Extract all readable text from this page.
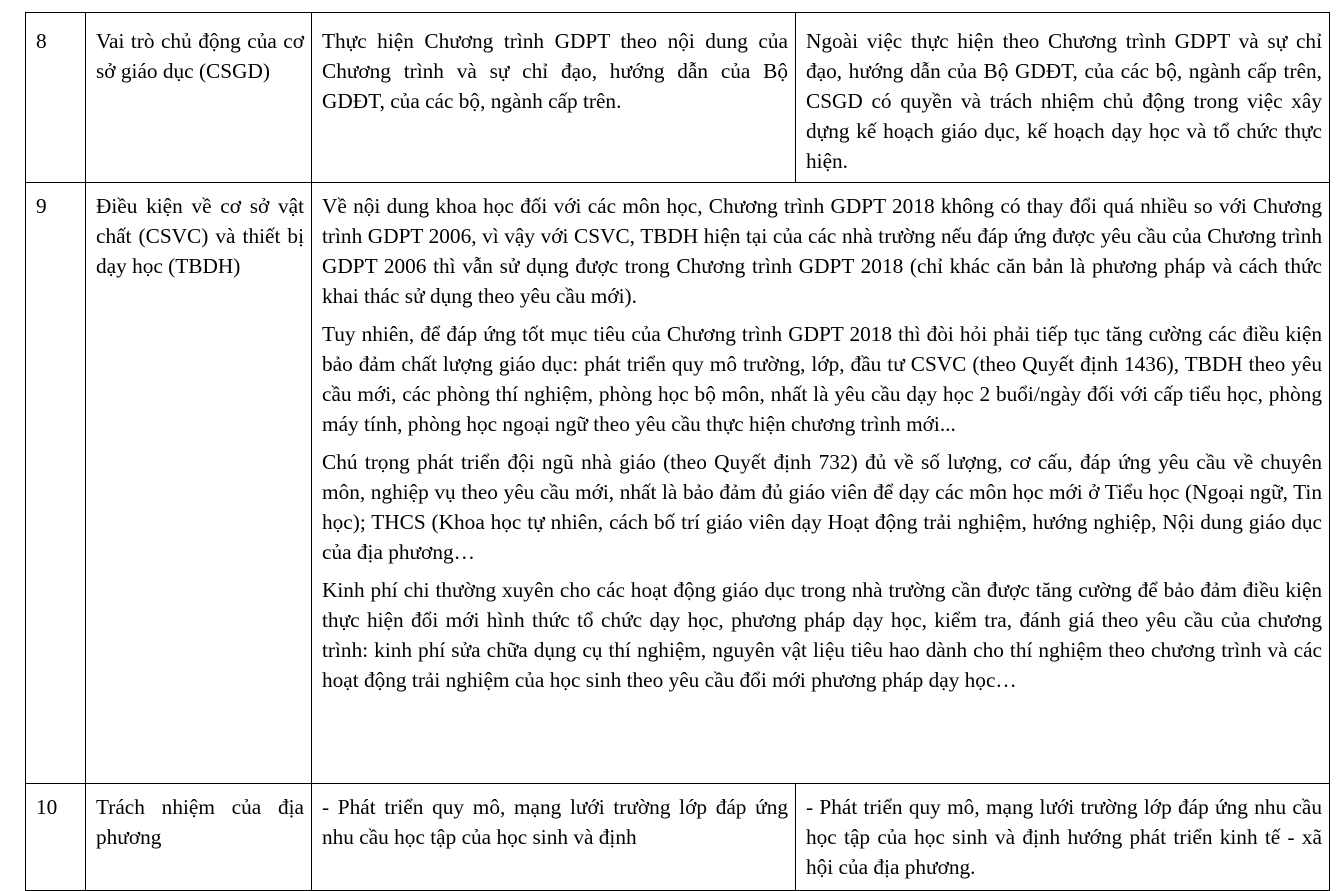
8	Vai trò chủ động của cơ sở giáo dục (CSGD)	Thực hiện Chương trình GDPT theo nội dung của Chương trình và sự chỉ đạo, hướng dẫn của Bộ GDĐT, của các bộ, ngành cấp trên.	Ngoài việc thực hiện theo Chương trình GDPT và sự chỉ đạo, hướng dẫn của Bộ GDĐT, của các bộ, ngành cấp trên, CSGD có quyền và trách nhiệm chủ động trong việc xây dựng kế hoạch giáo dục, kế hoạch dạy học và tổ chức thực hiện.
9	Điều kiện về cơ sở vật chất (CSVC) và thiết bị dạy học (TBDH)	Về nội dung khoa học đối với các môn học, Chương trình GDPT 2018 không có thay đổi quá nhiều so với Chương trình GDPT 2006, vì vậy với CSVC, TBDH hiện tại của các nhà trường nếu đáp ứng được yêu cầu của Chương trình GDPT 2006 thì vẫn sử dụng được trong Chương trình GDPT 2018 (chỉ khác căn bản là phương pháp và cách thức khai thác sử dụng theo yêu cầu mới).

Tuy nhiên, để đáp ứng tốt mục tiêu của Chương trình GDPT 2018 thì đòi hỏi phải tiếp tục tăng cường các điều kiện bảo đảm chất lượng giáo dục: phát triển quy mô trường, lớp, đầu tư CSVC (theo Quyết định 1436), TBDH theo yêu cầu mới, các phòng thí nghiệm, phòng học bộ môn, nhất là yêu cầu dạy học 2 buổi/ngày đối với cấp tiểu học, phòng máy tính, phòng học ngoại ngữ theo yêu cầu thực hiện chương trình mới...

Chú trọng phát triển đội ngũ nhà giáo (theo Quyết định 732) đủ về số lượng, cơ cấu, đáp ứng yêu cầu về chuyên môn, nghiệp vụ theo yêu cầu mới, nhất là bảo đảm đủ giáo viên để dạy các môn học mới ở Tiểu học (Ngoại ngữ, Tin học); THCS (Khoa học tự nhiên, cách bố trí giáo viên dạy Hoạt động trải nghiệm, hướng nghiệp, Nội dung giáo dục của địa phương…

Kinh phí chi thường xuyên cho các hoạt động giáo dục trong nhà trường cần được tăng cường để bảo đảm điều kiện thực hiện đổi mới hình thức tổ chức dạy học, phương pháp dạy học, kiểm tra, đánh giá theo yêu cầu của chương trình: kinh phí sửa chữa dụng cụ thí nghiệm, nguyên vật liệu tiêu hao dành cho thí nghiệm theo chương trình và các hoạt động trải nghiệm của học sinh theo yêu cầu đổi mới phương pháp dạy học…	

10	Trách nhiệm của địa phương	- Phát triển quy mô, mạng lưới trường lớp đáp ứng nhu cầu học tập của học sinh và định	- Phát triển quy mô, mạng lưới trường lớp đáp ứng nhu cầu học tập của học sinh và định hướng phát triển kinh tế - xã hội của địa phương.
